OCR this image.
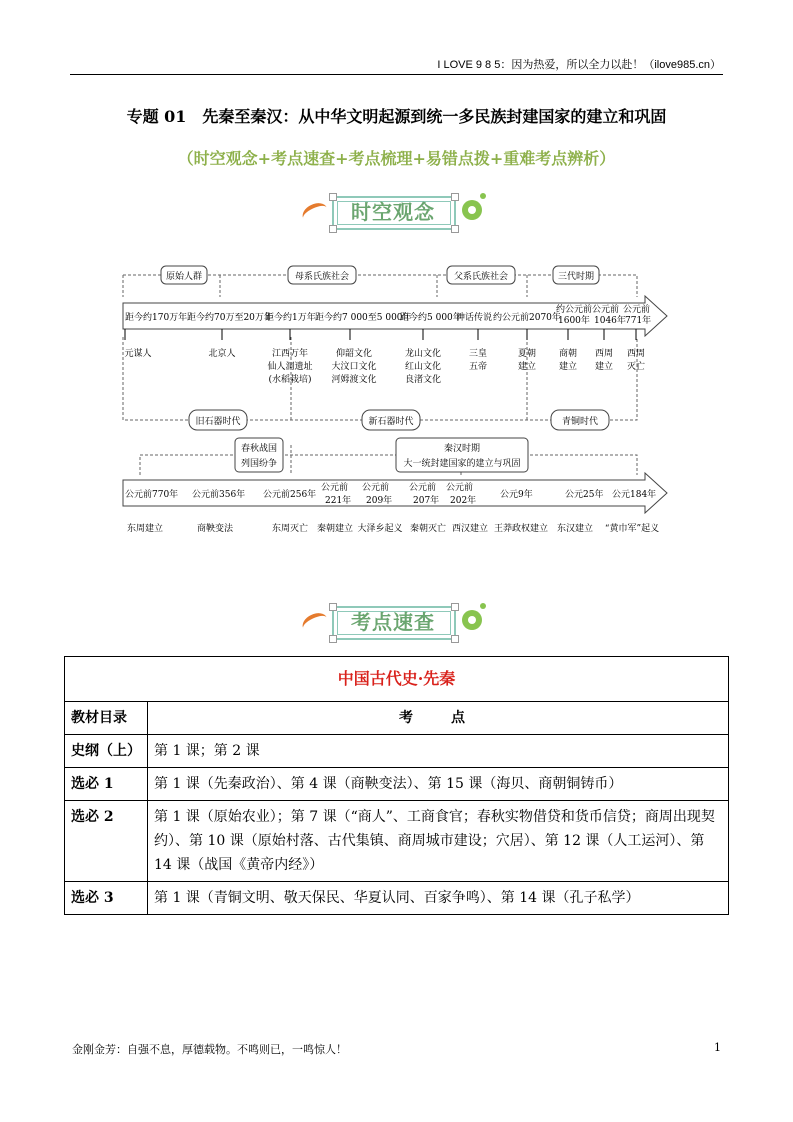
I LOVE 9 8 5：因为热爱，所以全力以赴！（ilove985.cn）
专题 01　先秦至秦汉：从中华文明起源到统一多民族封建国家的建立和巩固
（时空观念+考点速查+考点梳理+易错点拨+重难考点辨析）
时空观念
原始人群	母系氏族社会	父系氏族社会	三代时期
距今约170万年 距今约70万至20万年
距今约1万年 距今约7 000至5 000年
距今约5 000年
神话传说 约公元前2070年
约公元前
1600年
公元前
1046年
公元前
771年
元谋人	北京人	江西万年
仙人洞遗址
(水稻栽培)
仰韶文化
大汶口文化
河姆渡文化
龙山文化
红山文化
良渚文化
三皇
五帝
夏朝
建立
商朝
建立
西周
建立
西周
灭亡
旧石器时代	新石器时代	青铜时代
春秋战国
列国纷争
秦汉时期
大一统封建国家的建立与巩固
公元前770年 公元前356年 公元前256年
公元前
221年
公元前
209年
公元前
207年
公元前
202年
公元9年	公元25年 公元184年
东周建立	商鞅变法	东周灭亡 秦朝建立 大泽乡起义 秦朝灭亡 西汉建立 王莽政权建立 东汉建立 “黄巾军”起义
考点速查
中国古代史·先秦	
教材目录	考　点
史纲（上）	第 1 课；第 2 课
选必 1	第 1 课（先秦政治）、第 4 课（商鞅变法）、第 15 课（海贝、商朝铜铸币）
选必 2	第 1 课（原始农业）；第 7 课（“商人”、工商食官；春秋实物借贷和货币信贷；商周出现契约）、第 10 课（原始村落、古代集镇、商周城市建设；穴居）、第 12 课（人工运河）、第 14 课（战国《黄帝内经》）
选必 3	第 1 课（青铜文明、敬天保民、华夏认同、百家争鸣）、第 14 课（孔子私学）
金刚金芳：自强不息，厚德载物。不鸣则已，一鸣惊人！	1
